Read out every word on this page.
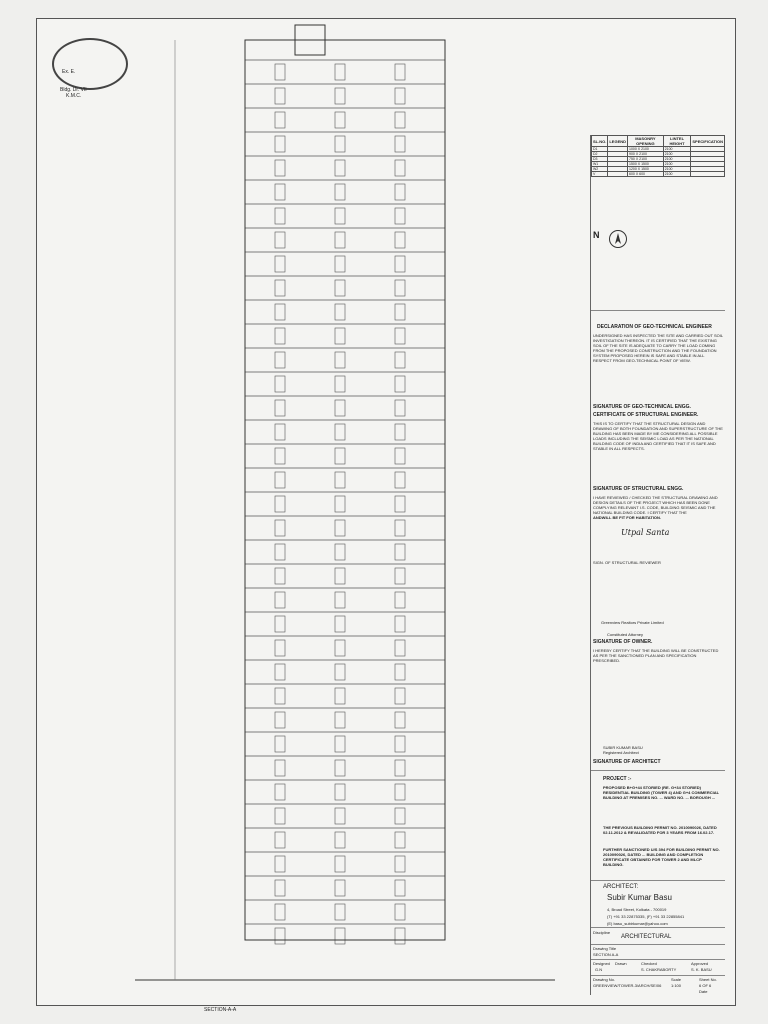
Ex. E.
Bldg. Dr. VII
K.M.C.
SECTION-A-A
SL.NO.	LEGEND	MASONRY OPENING	LINTEL HEIGHT	SPECIFICATION
D1		1000 X 2100	2100	
D2		900 X 2100	2100	
D3		750 X 2100	2100	
W1		1500 X 1500	2100	
W2		1200 X 1500	2100	
V		600 X 600	2100	
N
DECLARATION OF GEO-TECHNICAL ENGINEER
UNDERSIGNED HAS INSPECTED THE SITE AND CARRIED OUT SOIL INVESTIGATION THEREON. IT IS CERTIFIED THAT THE EXISTING SOIL OF THE SITE IS ADEQUATE TO CARRY THE LOAD COMING FROM THE PROPOSED CONSTRUCTION AND THE FOUNDATION SYSTEM PROPOSED HEREIN IS SAFE AND STABLE IN ALL RESPECT FROM GEO-TECHNICAL POINT OF VIEW.
SIGNATURE OF GEO-TECHNICAL ENGG.
CERTIFICATE OF STRUCTURAL ENGINEER.
THIS IS TO CERTIFY THAT THE STRUCTURAL DESIGN AND DRAWING OF BOTH FOUNDATION AND SUPERSTRUCTURE OF THE BUILDING HAS BEEN MADE BY ME CONSIDERING ALL POSSIBLE LOADS INCLUDING THE SEISMIC LOAD AS PER THE NATIONAL BUILDING CODE OF INDIA AND CERTIFIED THAT IT IS SAFE AND STABLE IN ALL RESPECTS.
SIGNATURE OF STRUCTURAL ENGG.
I HAVE REVIEWED / CHECKED THE STRUCTURAL DRAWING AND DESIGN DETAILS OF THE PROJECT WHICH HAS BEEN DONE COMPLYING RELEVANT I.S. CODE, BUILDING SEISMIC AND THE NATIONAL BUILDING CODE. I CERTIFY THAT THE
ANDWILL BE FIT FOR HABITATION.
Utpal Santa
SIGN. OF STRUCTURAL REVIEWER
Greenview Realtors Private Limited
Constituted Attorney
SIGNATURE OF OWNER.
I HEREBY CERTIFY THAT THE BUILDING WILL BE CONSTRUCTED AS PER THE SANCTIONED PLAN AND SPECIFICATION PRESCRIBED.
SUBIR KUMAR BASU
Registered Architect
SIGNATURE OF ARCHITECT
PROJECT :-
PROPOSED B+G+44 STORIED (RE. G+34 STORIED) RESIDENTIAL BUILDING (TOWER 4) AND G+4 COMMERCIAL BUILDING AT PREMISES NO. ... WARD NO. ... BOROUGH ...
THE PREVIOUS BUILDING PERMIT NO. 2010090026, DATED 02.11.2012 & REVALIDATED FOR 3 YEARS FROM 16.02.17.
FURTHER SANCTIONED U/S 394 FOR BUILDING PERMIT NO. 2010090026, DATED ... BUILDING AND COMPLETION CERTIFICATE OBTAINED FOR TOWER 2 AND MLCP BUILDING.
ARCHITECT:
Subir Kumar Basu
4, Broad Street, Kolkata - 700019
(T) +91 33 22875335, (F) +91 33 22855841
(E) basu_subirkumar@yahoo.com
Discipline
ARCHITECTURAL
Drawing Title
SECTION A-A
Designed
G.N
Drawn	Checked
S. CHAKRABORTY
Approved
S. K. BASU
Drawing No.
GREENVIEW/TOWER-3/ARCH/SE/06
Scale
1:100
Sheet No.
6 OF 6
Date
